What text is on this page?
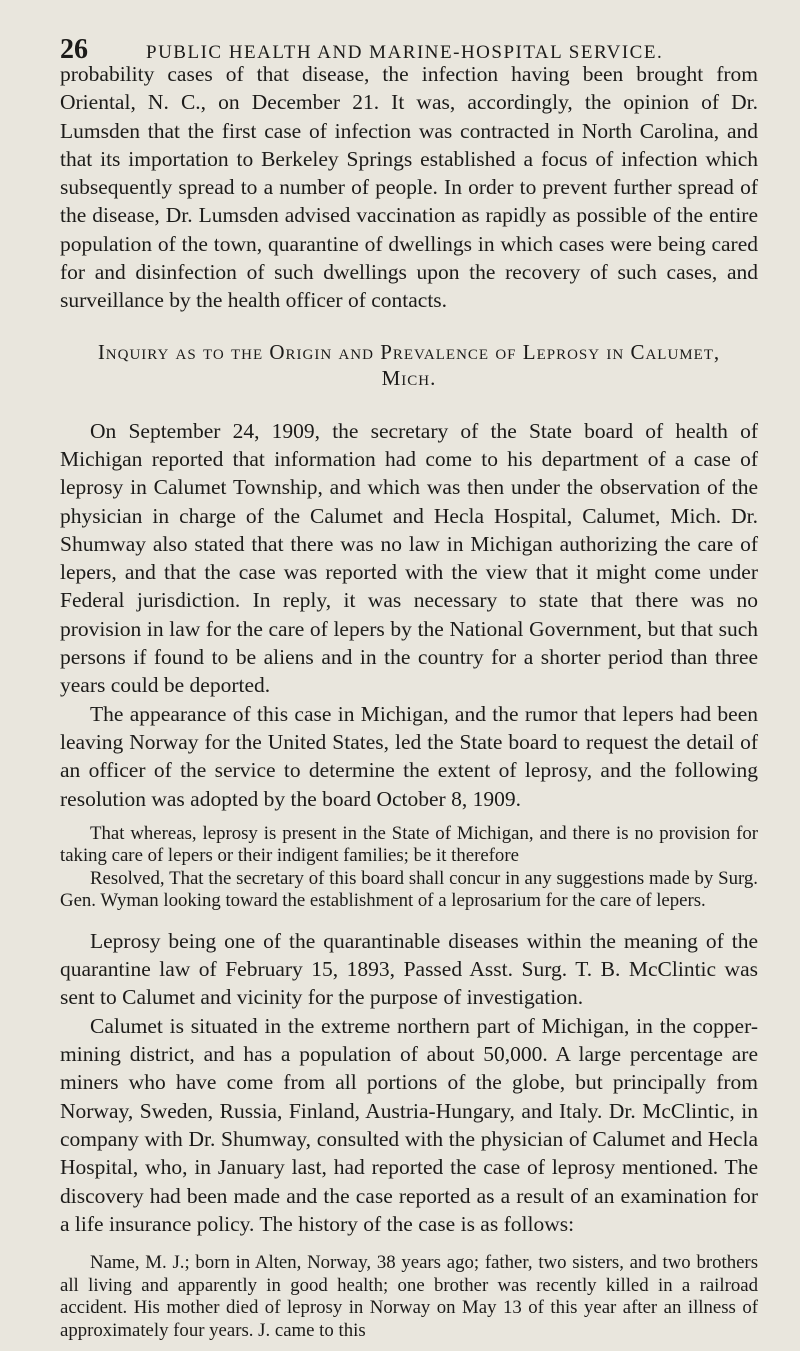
26	PUBLIC HEALTH AND MARINE-HOSPITAL SERVICE.

probability cases of that disease, the infection having been brought from Oriental, N. C., on December 21. It was, accordingly, the opinion of Dr. Lumsden that the first case of infection was contracted in North Carolina, and that its importation to Berkeley Springs established a focus of infection which subsequently spread to a number of people. In order to prevent further spread of the disease, Dr. Lumsden advised vaccination as rapidly as possible of the entire population of the town, quarantine of dwellings in which cases were being cared for and disinfection of such dwellings upon the recovery of such cases, and surveillance by the health officer of contacts.

Inquiry as to the Origin and Prevalence of Leprosy in Calumet, Mich.

On September 24, 1909, the secretary of the State board of health of Michigan reported that information had come to his department of a case of leprosy in Calumet Township, and which was then under the observation of the physician in charge of the Calumet and Hecla Hospital, Calumet, Mich. Dr. Shumway also stated that there was no law in Michigan authorizing the care of lepers, and that the case was reported with the view that it might come under Federal jurisdiction. In reply, it was necessary to state that there was no provision in law for the care of lepers by the National Government, but that such persons if found to be aliens and in the country for a shorter period than three years could be deported.

The appearance of this case in Michigan, and the rumor that lepers had been leaving Norway for the United States, led the State board to request the detail of an officer of the service to determine the extent of leprosy, and the following resolution was adopted by the board October 8, 1909.

That whereas, leprosy is present in the State of Michigan, and there is no provision for taking care of lepers or their indigent families; be it therefore

Resolved, That the secretary of this board shall concur in any suggestions made by Surg. Gen. Wyman looking toward the establishment of a leprosarium for the care of lepers.

Leprosy being one of the quarantinable diseases within the meaning of the quarantine law of February 15, 1893, Passed Asst. Surg. T. B. McClintic was sent to Calumet and vicinity for the purpose of investigation.

Calumet is situated in the extreme northern part of Michigan, in the copper-mining district, and has a population of about 50,000. A large percentage are miners who have come from all portions of the globe, but principally from Norway, Sweden, Russia, Finland, Austria-Hungary, and Italy. Dr. McClintic, in company with Dr. Shumway, consulted with the physician of Calumet and Hecla Hospital, who, in January last, had reported the case of leprosy mentioned. The discovery had been made and the case reported as a result of an examination for a life insurance policy. The history of the case is as follows:

Name, M. J.; born in Alten, Norway, 38 years ago; father, two sisters, and two brothers all living and apparently in good health; one brother was recently killed in a railroad accident. His mother died of leprosy in Norway on May 13 of this year after an illness of approximately four years. J. came to this
